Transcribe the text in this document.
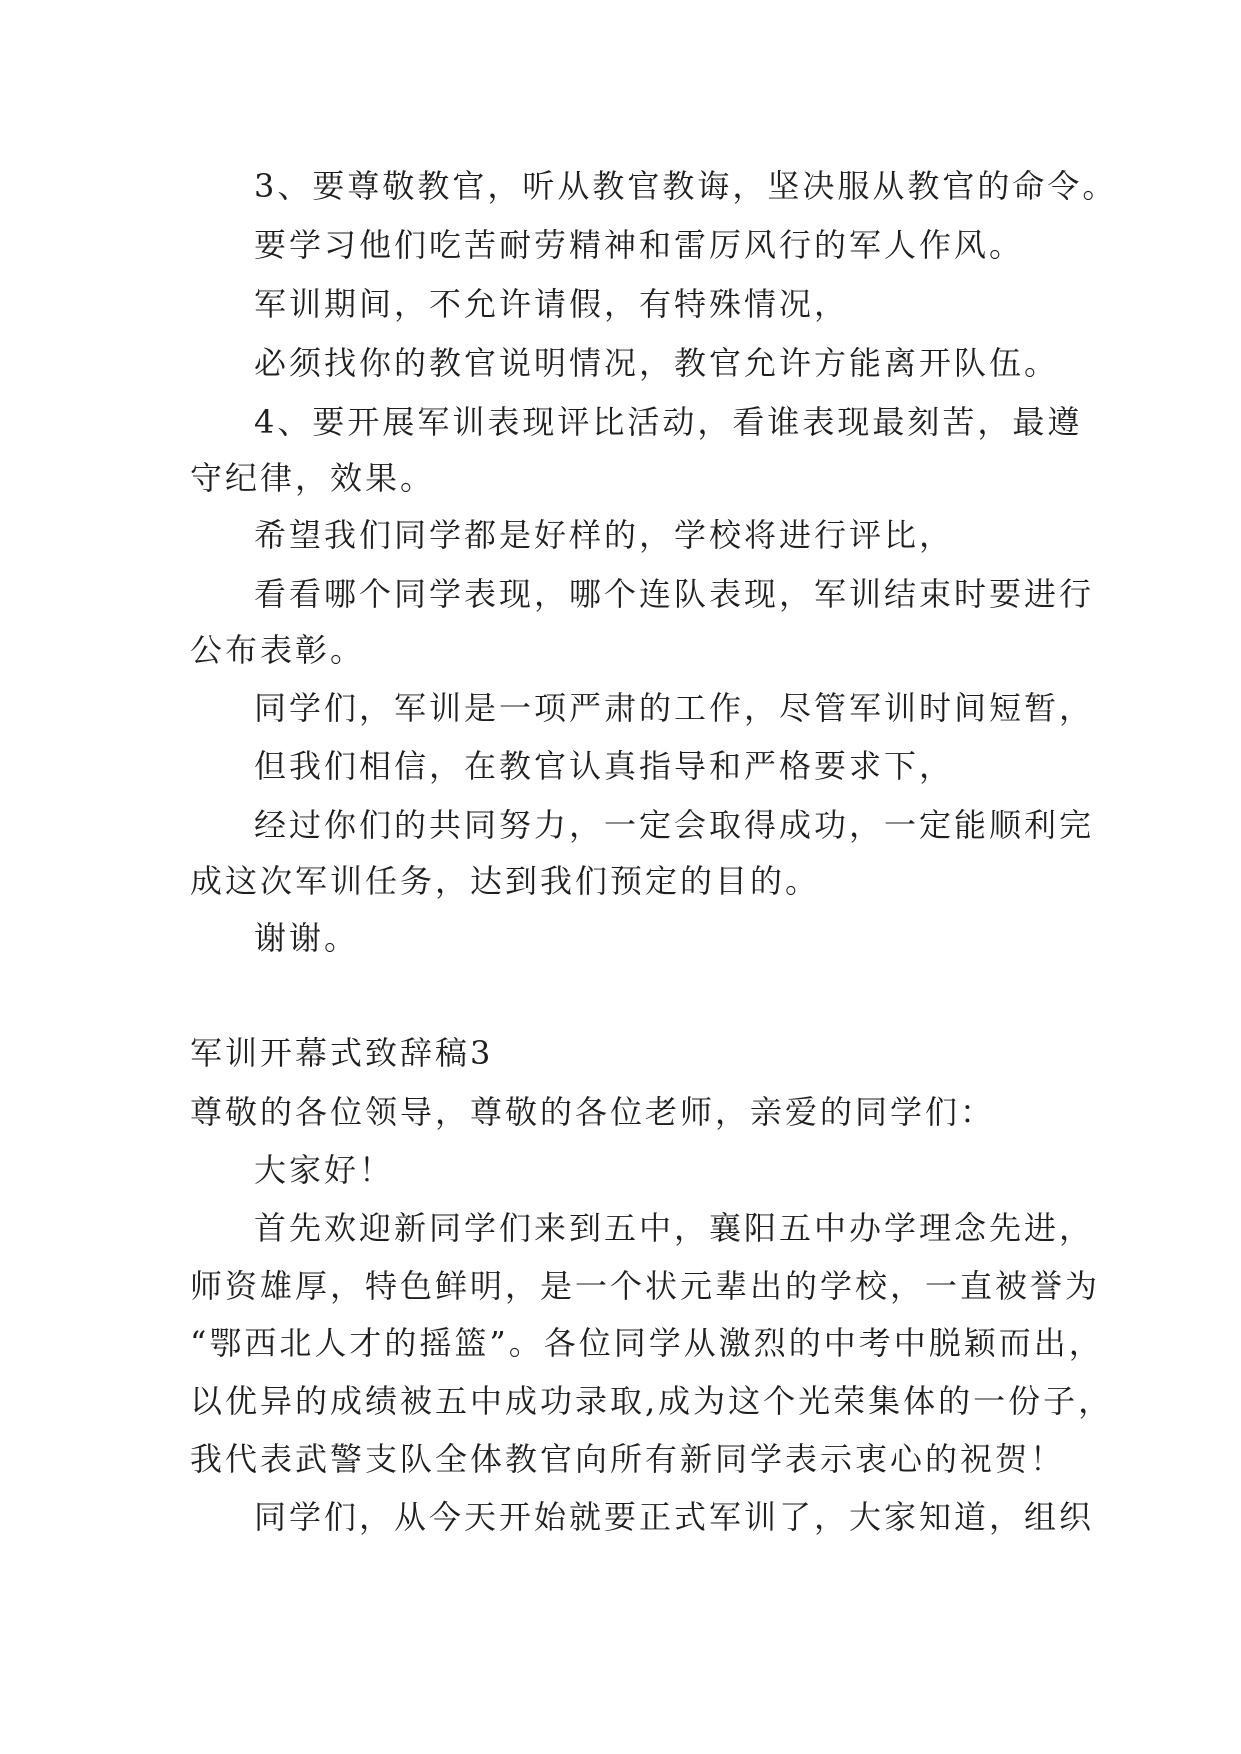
3、要尊敬教官，听从教官教诲，坚决服从教官的命令。
要学习他们吃苦耐劳精神和雷厉风行的军人作风。
军训期间，不允许请假，有特殊情况，
必须找你的教官说明情况，教官允许方能离开队伍。
4、要开展军训表现评比活动，看谁表现最刻苦，最遵
守纪律，效果。
希望我们同学都是好样的，学校将进行评比，
看看哪个同学表现，哪个连队表现，军训结束时要进行
公布表彰。
同学们，军训是一项严肃的工作，尽管军训时间短暂，
但我们相信，在教官认真指导和严格要求下，
经过你们的共同努力，一定会取得成功，一定能顺利完
成这次军训任务，达到我们预定的目的。
谢谢。
军训开幕式致辞稿3
尊敬的各位领导，尊敬的各位老师，亲爱的同学们：
大家好！
首先欢迎新同学们来到五中，襄阳五中办学理念先进，
师资雄厚，特色鲜明，是一个状元辈出的学校，一直被誉为
“鄂西北人才的摇篮”。各位同学从激烈的中考中脱颖而出，
以优异的成绩被五中成功录取,成为这个光荣集体的一份子，
我代表武警支队全体教官向所有新同学表示衷心的祝贺！
同学们，从今天开始就要正式军训了，大家知道，组织
